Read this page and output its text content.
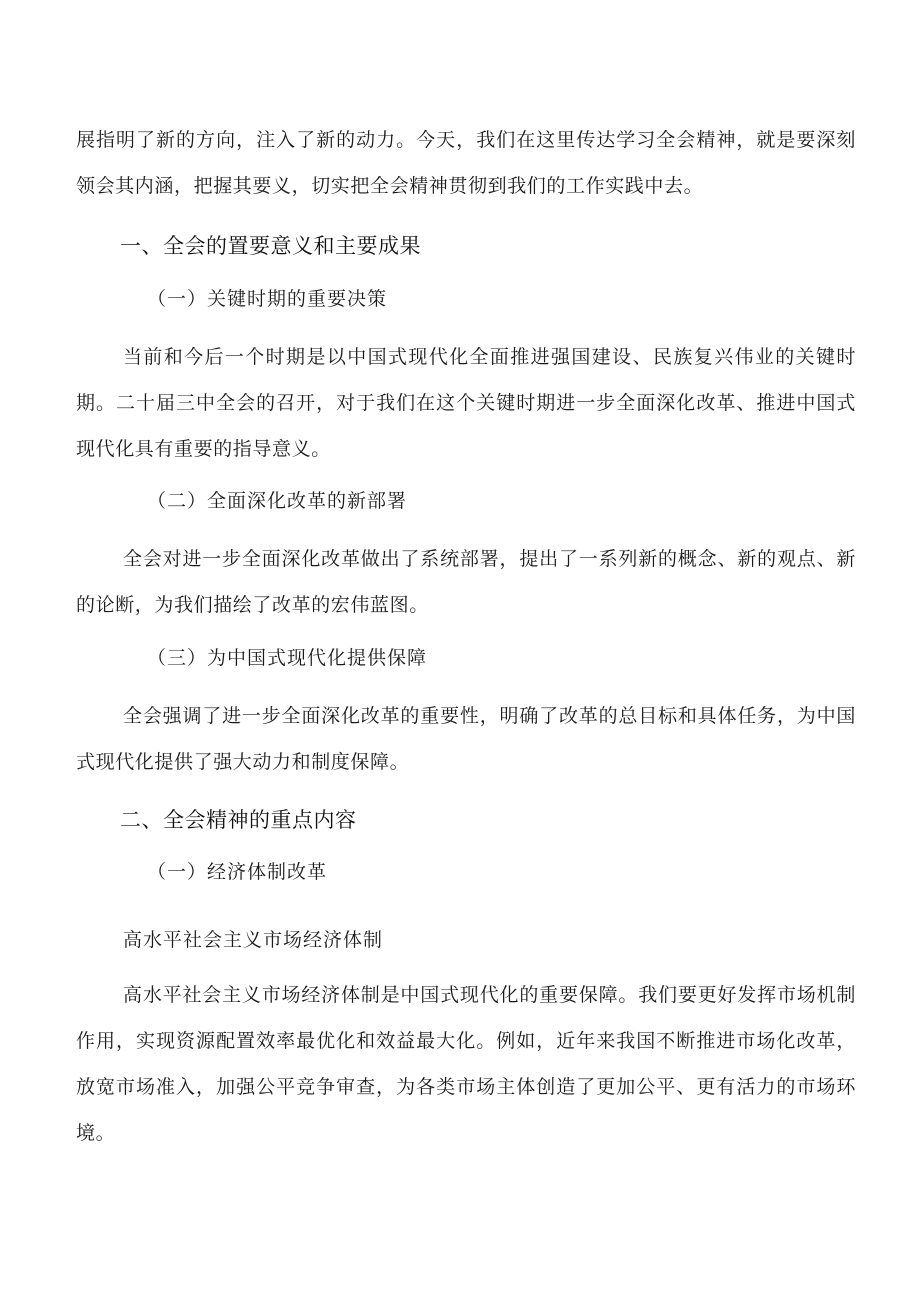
展指明了新的方向，注入了新的动力。今天，我们在这里传达学习全会精神，就是要深刻领会其内涵，把握其要义，切实把全会精神贯彻到我们的工作实践中去。

一、全会的置要意义和主要成果
（一）关键时期的重要决策

当前和今后一个时期是以中国式现代化全面推进强国建设、民族复兴伟业的关键时期。二十届三中全会的召开，对于我们在这个关键时期进一步全面深化改革、推进中国式现代化具有重要的指导意义。

（二）全面深化改革的新部署

全会对进一步全面深化改革做出了系统部署，提出了一系列新的概念、新的观点、新的论断，为我们描绘了改革的宏伟蓝图。

（三）为中国式现代化提供保障

全会强调了进一步全面深化改革的重要性，明确了改革的总目标和具体任务，为中国式现代化提供了强大动力和制度保障。

二、全会精神的重点内容
（一）经济体制改革

高水平社会主义市场经济体制

高水平社会主义市场经济体制是中国式现代化的重要保障。我们要更好发挥市场机制作用，实现资源配置效率最优化和效益最大化。例如，近年来我国不断推进市场化改革，放宽市场准入，加强公平竞争审查，为各类市场主体创造了更加公平、更有活力的市场环境。
